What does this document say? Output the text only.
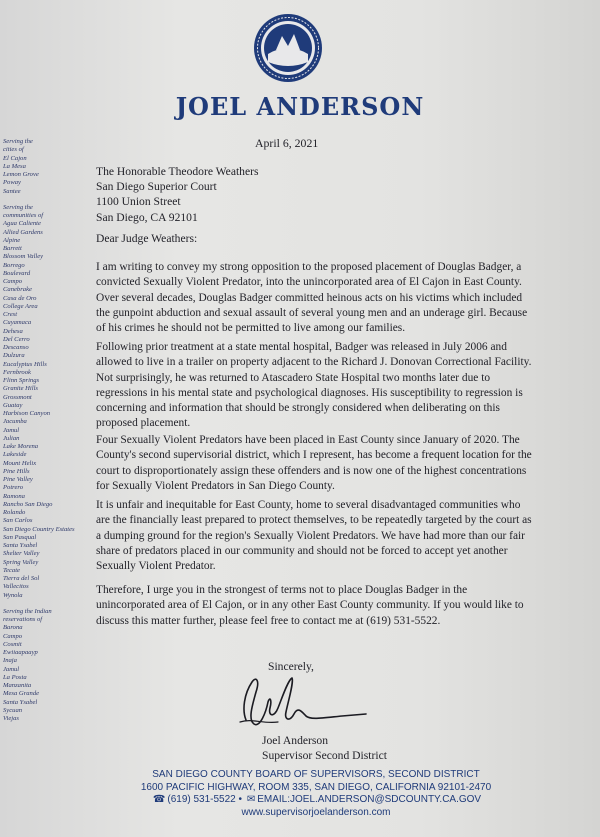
JOEL ANDERSON
Serving the
cities of
El Cajon
La Mesa
Lemon Grove
Poway
Santee
Serving the
communities of
Agua Caliente
Allied Gardens
Alpine
Barrett
Blossom Valley
Borrego
Boulevard
Campo
Canebrake
Casa de Oro
College Area
Crest
Cuyamaca
Dehesa
Del Cerro
Descanso
Dulzura
Eucalyptus Hills
Fernbrook
Flinn Springs
Granite Hills
Grossmont
Guatay
Harbison Canyon
Jacumba
Jamul
Julian
Lake Morena
Lakeside
Mount Helix
Pine Hills
Pine Valley
Potrero
Ramona
Rancho San Diego
Rolando
San Carlos
San Diego Country Estates
San Pasqual
Santa Ysabel
Shelter Valley
Spring Valley
Tecate
Tierra del Sol
Vallecitos
Wynola
Serving the Indian
reservations of
Barona
Campo
Cosmit
Ewiiaapaayp
Inaja
Jamul
La Posta
Manzanita
Mesa Grande
Santa Ysabel
Sycuan
Viejas
April 6, 2021
The Honorable Theodore Weathers
San Diego Superior Court
1100 Union Street
San Diego, CA 92101
Dear Judge Weathers:
I am writing to convey my strong opposition to the proposed placement of Douglas Badger, a
convicted Sexually Violent Predator, into the unincorporated area of El Cajon in East County.
Over several decades, Douglas Badger committed heinous acts on his victims which included
the gunpoint abduction and sexual assault of several young men and an underage girl. Because
of his crimes he should not be permitted to live among our families.
Following prior treatment at a state mental hospital, Badger was released in July 2006 and
allowed to live in a trailer on property adjacent to the Richard J. Donovan Correctional Facility.
Not surprisingly, he was returned to Atascadero State Hospital two months later due to
regressions in his mental state and psychological diagnoses. His susceptibility to regression is
concerning and information that should be strongly considered when deliberating on this
proposed placement.
Four Sexually Violent Predators have been placed in East County since January of 2020. The
County's second supervisorial district, which I represent, has become a frequent location for the
court to disproportionately assign these offenders and is now one of the highest concentrations
for Sexually Violent Predators in San Diego County.
It is unfair and inequitable for East County, home to several disadvantaged communities who
are the financially least prepared to protect themselves, to be repeatedly targeted by the court as
a dumping ground for the region's Sexually Violent Predators. We have had more than our fair
share of predators placed in our community and should not be forced to accept yet another
Sexually Violent Predator.
Therefore, I urge you in the strongest of terms not to place Douglas Badger in the
unincorporated area of El Cajon, or in any other East County community. If you would like to
discuss this matter further, please feel free to contact me at (619) 531-5522.
Sincerely,
Joel Anderson
Supervisor Second District
SAN DIEGO COUNTY BOARD OF SUPERVISORS, SECOND DISTRICT
1600 PACIFIC HIGHWAY, ROOM 335, SAN DIEGO, CALIFORNIA 92101-2470
☎ (619) 531-5522 • ✉ EMAIL:JOEL.ANDERSON@SDCOUNTY.CA.GOV
www.supervisorjoelanderson.com
